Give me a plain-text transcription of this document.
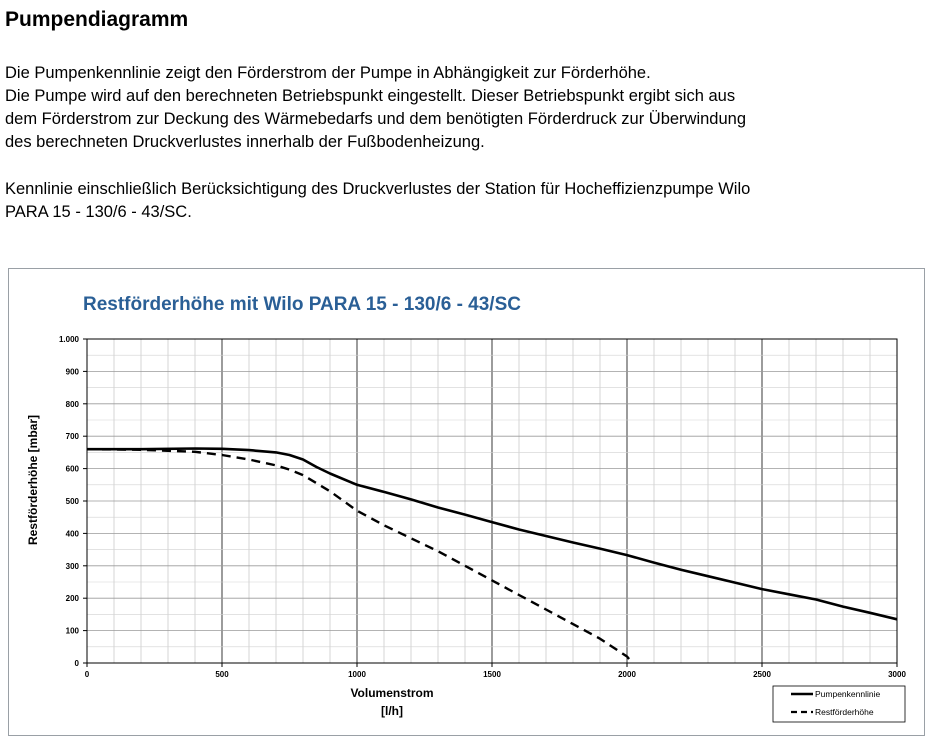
Pumpendiagramm

Die Pumpenkennlinie zeigt den Förderstrom der Pumpe in Abhängigkeit zur Förderhöhe.
Die Pumpe wird auf den berechneten Betriebspunkt eingestellt. Dieser Betriebspunkt ergibt sich aus
dem Förderstrom zur Deckung des Wärmebedarfs und dem benötigten Förderdruck zur Überwindung
des berechneten Druckverlustes innerhalb der Fußbodenheizung.

Kennlinie einschließlich Berücksichtigung des Druckverlustes der Station für Hocheffizienzpumpe Wilo
PARA 15 - 130/6 - 43/SC.

Restförderhöhe mit Wilo PARA 15 - 130/6 - 43/SC
0	500	1000	1500	2000	2500	3000
0
100
200
300
400
500
600
700
800
900
1.000
Volumenstrom
[l/h]
Restförderhöhe [mbar]
Pumpenkennlinie
Restförderhöhe
